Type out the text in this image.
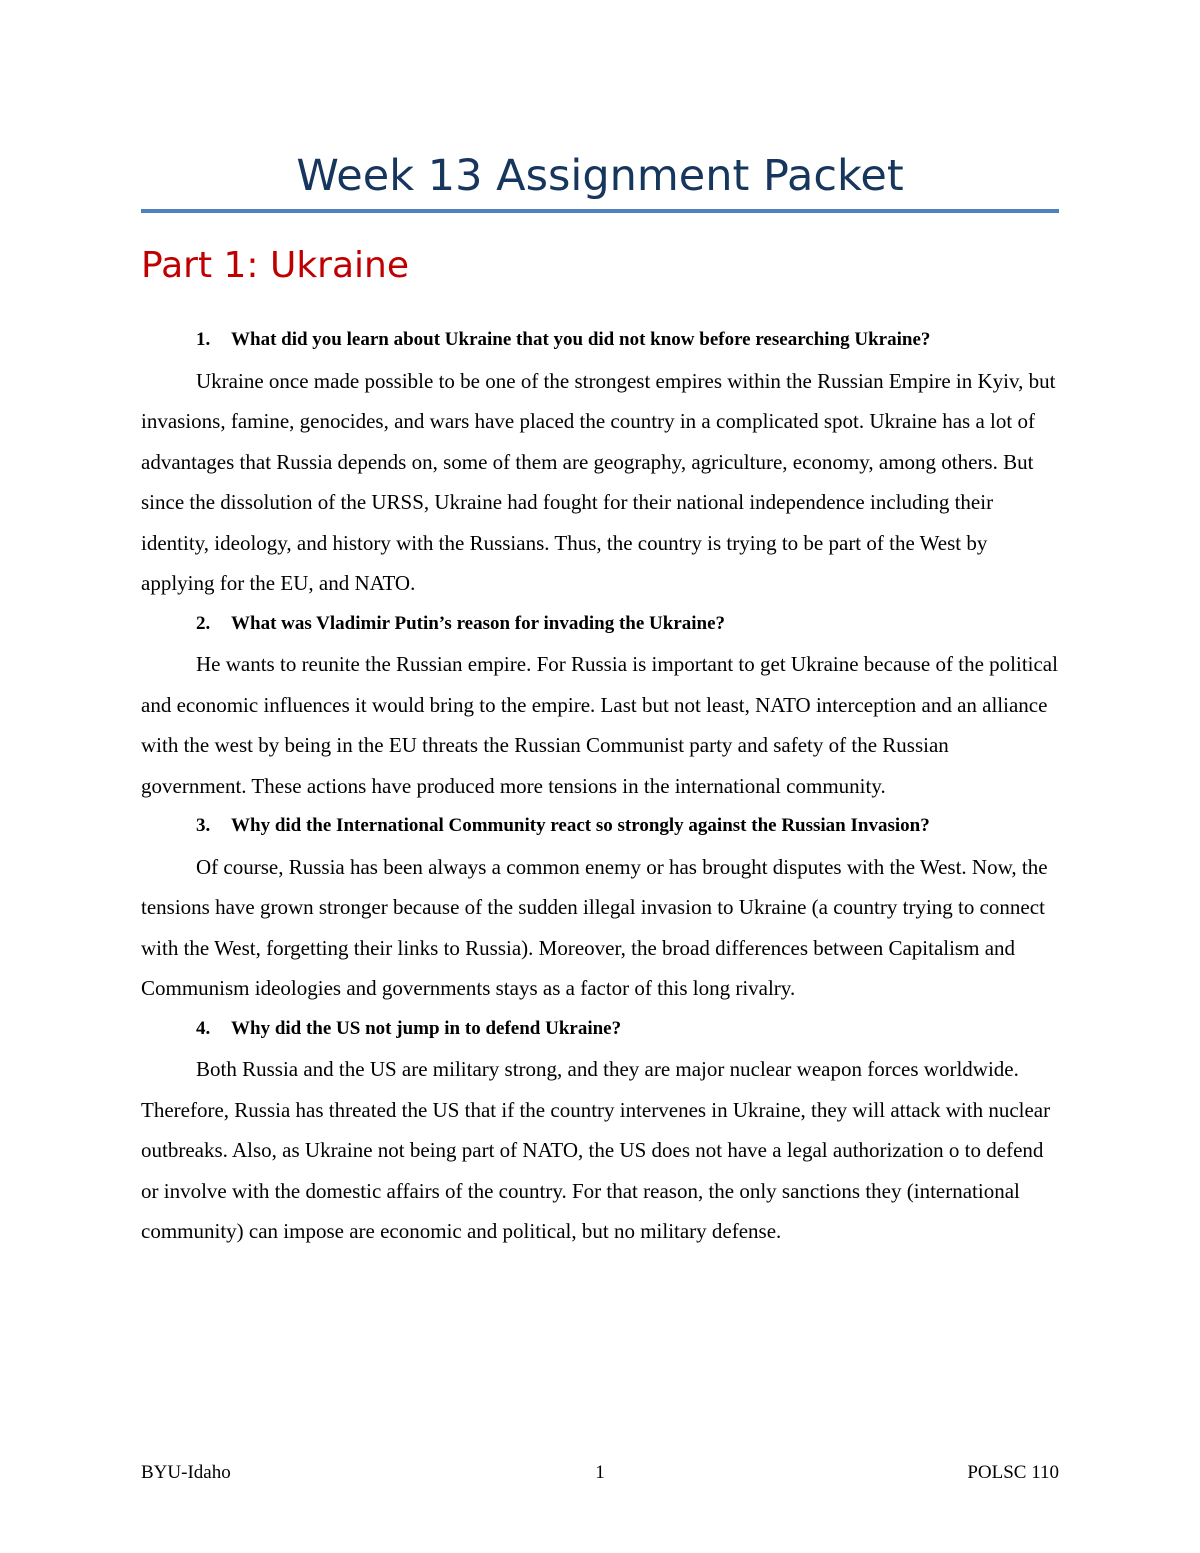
Week 13 Assignment Packet
Part 1: Ukraine

1. What did you learn about Ukraine that you did not know before researching Ukraine?

Ukraine once made possible to be one of the strongest empires within the Russian Empire in Kyiv, but invasions, famine, genocides, and wars have placed the country in a complicated spot. Ukraine has a lot of advantages that Russia depends on, some of them are geography, agriculture, economy, among others. But since the dissolution of the URSS, Ukraine had fought for their national independence including their identity, ideology, and history with the Russians. Thus, the country is trying to be part of the West by applying for the EU, and NATO.

2. What was Vladimir Putin’s reason for invading the Ukraine?

He wants to reunite the Russian empire. For Russia is important to get Ukraine because of the political and economic influences it would bring to the empire. Last but not least, NATO interception and an alliance with the west by being in the EU threats the Russian Communist party and safety of the Russian government. These actions have produced more tensions in the international community.

3. Why did the International Community react so strongly against the Russian Invasion?

Of course, Russia has been always a common enemy or has brought disputes with the West. Now, the tensions have grown stronger because of the sudden illegal invasion to Ukraine (a country trying to connect with the West, forgetting their links to Russia). Moreover, the broad differences between Capitalism and Communism ideologies and governments stays as a factor of this long rivalry.

4. Why did the US not jump in to defend Ukraine?

Both Russia and the US are military strong, and they are major nuclear weapon forces worldwide. Therefore, Russia has threated the US that if the country intervenes in Ukraine, they will attack with nuclear outbreaks. Also, as Ukraine not being part of NATO, the US does not have a legal authorization o to defend or involve with the domestic affairs of the country. For that reason, the only sanctions they (international community) can impose are economic and political, but no military defense.

BYU-Idaho	1	POLSC 110
